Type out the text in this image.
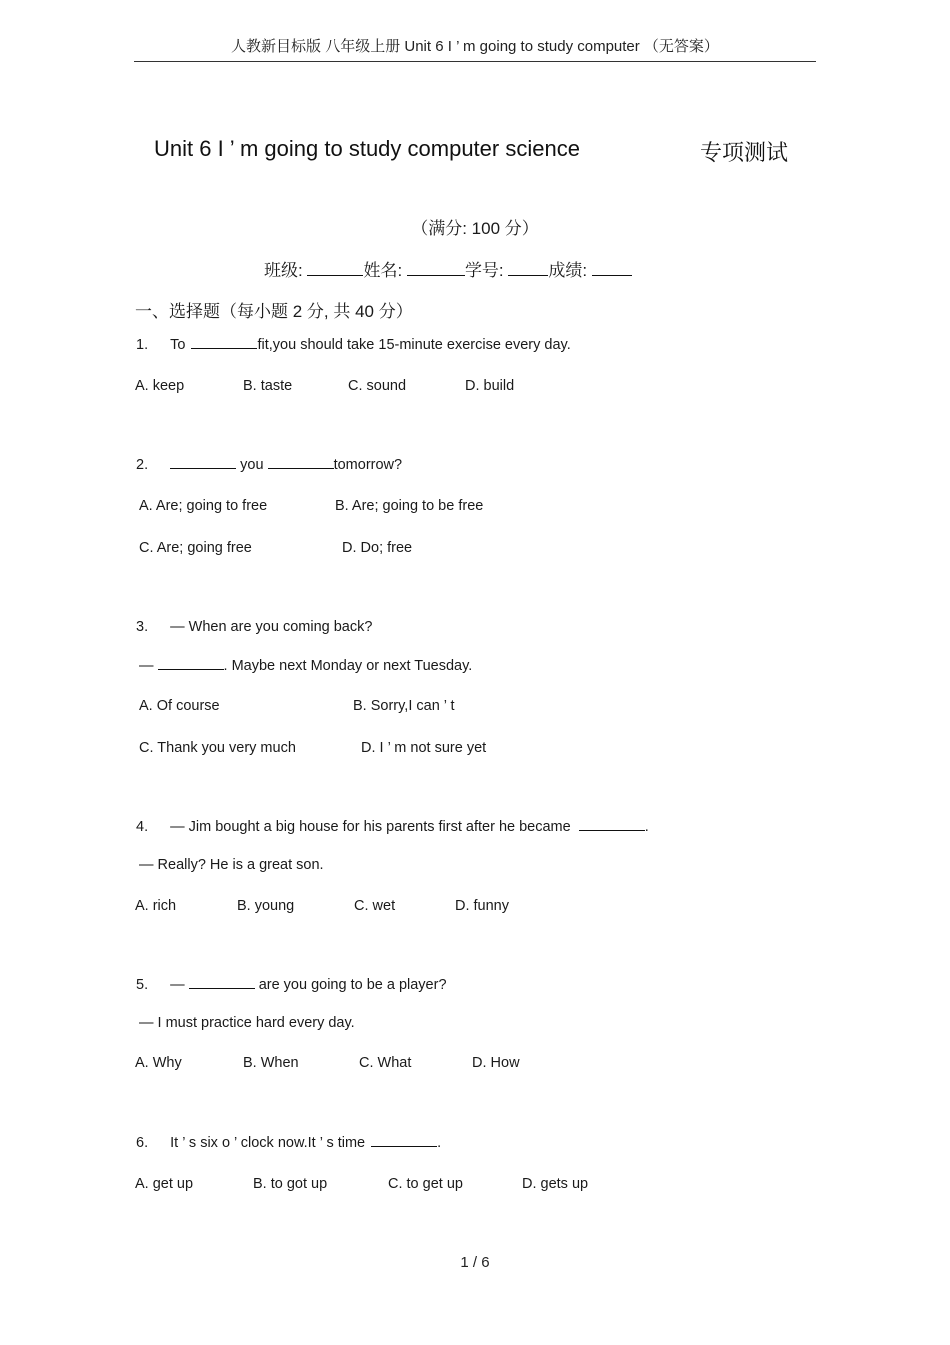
人教新目标版 八年级上册 Unit 6 I ’ m going to study computer （无答案）
Unit 6 I ’ m going to study computer science	专项测试
（满分: 100 分）
班级:	姓名:	学号:	成绩:
一、选择题（每小题 2 分, 共 40 分）
1. To	fit,you should take 15-minute exercise every day.
A. keep	B. taste	C. sound	D. build
2.	you	tomorrow?
A. Are; going to free	B. Are; going to be free
C. Are; going free	D. Do; free
3. — When are you coming back?
—	. Maybe next Monday or next Tuesday.
A. Of course	B. Sorry,I can ’ t
C. Thank you very much	D. I ’ m not sure yet
4. — Jim bought a big house for his parents first after he became	.
— Really? He is a great son.
A. rich	B. young	C. wet	D. funny
5. —	are you going to be a player?
— I must practice hard every day.
A. Why	B. When	C. What	D. How
6. It ’ s six o ’ clock now.It ’ s time	.
A. get up	B. to got up	C. to get up	D. gets up
1 / 6
